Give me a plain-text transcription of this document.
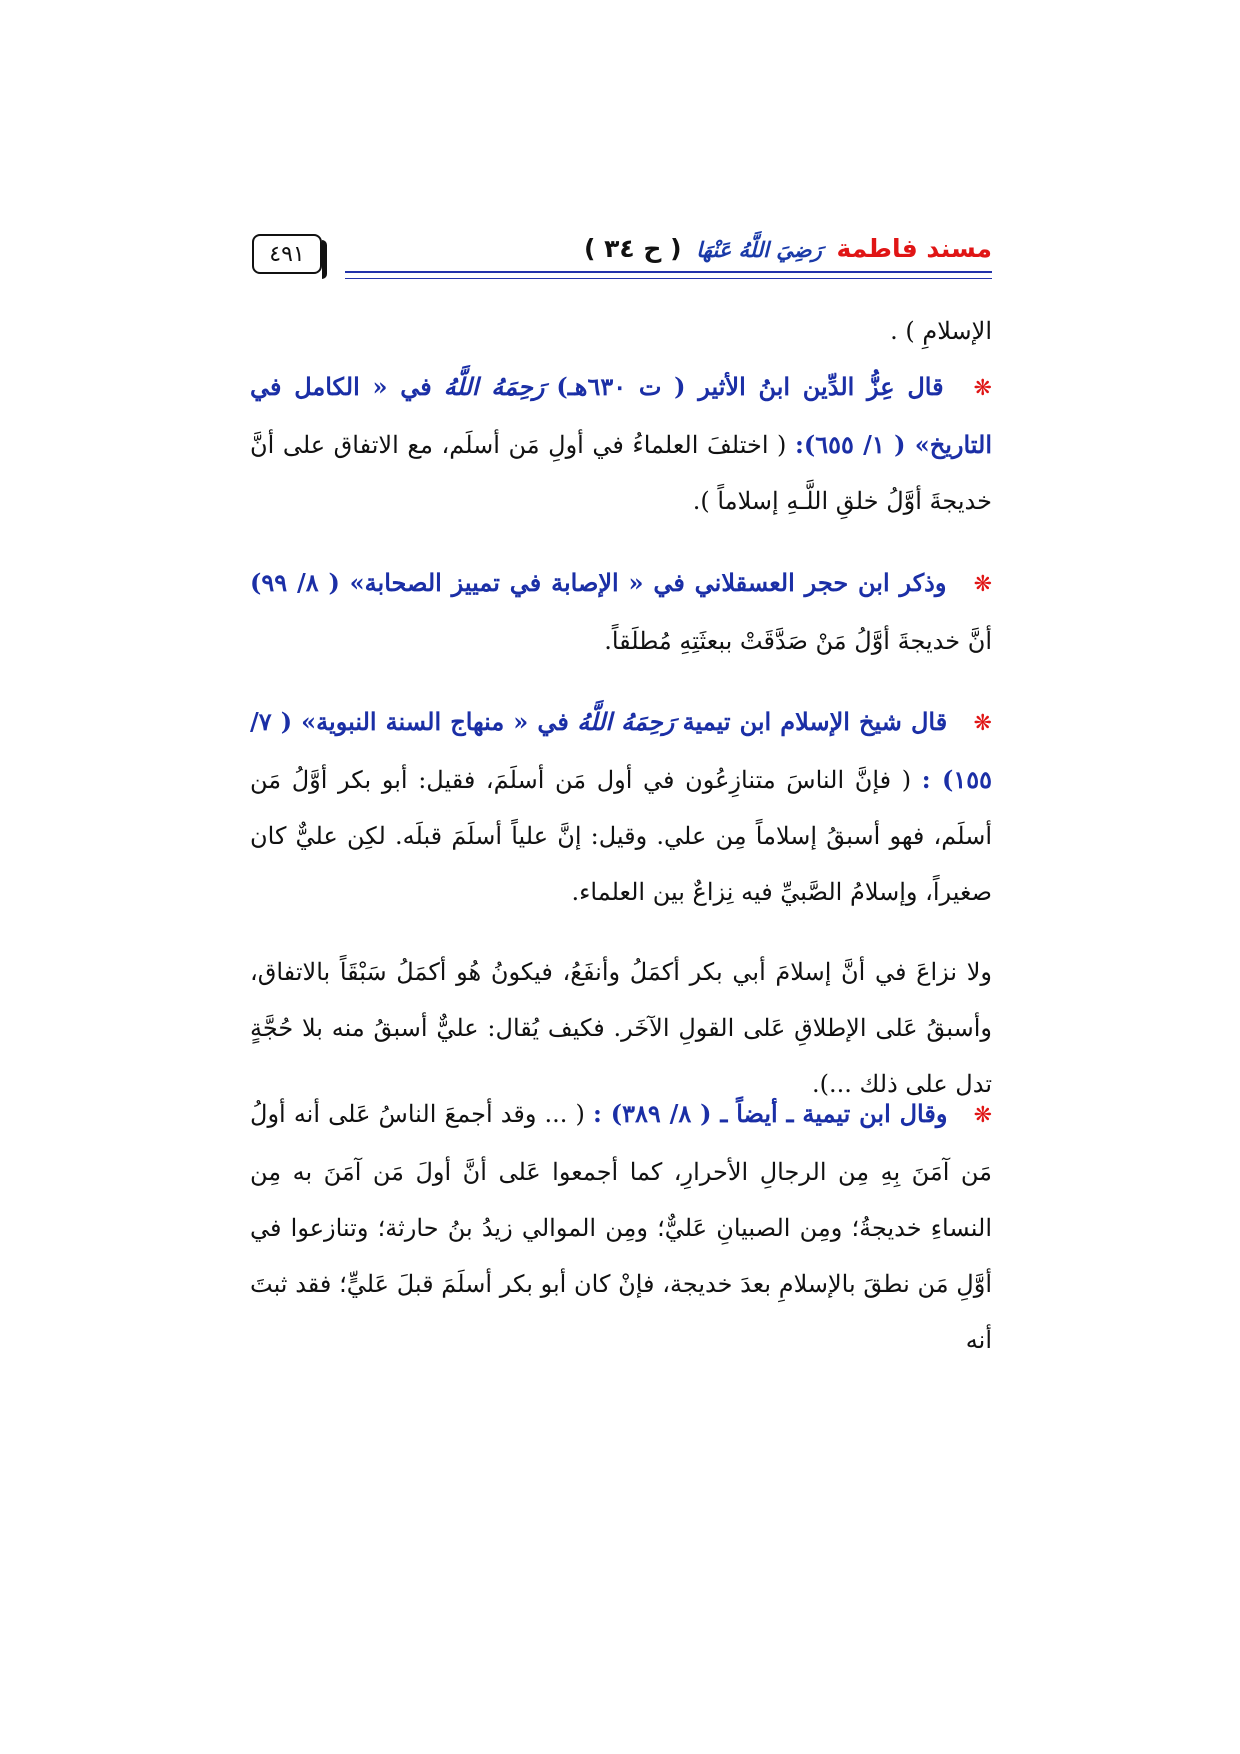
مسند فاطمة رَضِيَ اللَّهُ عَنْهَا ( ح ٣٤ )
٤٩١

الإسلامِ ) .

❋ قال عِزُّ الدِّين ابنُ الأثير ( ت ٦٣٠هـ) رَحِمَهُ اللَّهُ في « الكامل في التاريخ» ( ١/ ٦٥٥): ( اختلفَ العلماءُ في أولِ مَن أسلَم، مع الاتفاق على أنَّ خديجةَ أوَّلُ خلقِ اللَّـهِ إسلاماً ).

❋ وذكر ابن حجر العسقلاني في « الإصابة في تمييز الصحابة» ( ٨/ ٩٩) أنَّ خديجةَ أوَّلُ مَنْ صَدَّقَتْ ببعثَتِهِ مُطلَقاً.

❋ قال شيخ الإسلام ابن تيمية رَحِمَهُ اللَّهُ في « منهاج السنة النبوية» ( ٧/ ١٥٥) : ( فإنَّ الناسَ متنازِعُون في أول مَن أسلَمَ، فقيل: أبو بكر أوَّلُ مَن أسلَم، فهو أسبقُ إسلاماً مِن علي. وقيل: إنَّ علياً أسلَمَ قبلَه. لكِن عليٌّ كان صغيراً، وإسلامُ الصَّبيِّ فيه نِزاعٌ بين العلماء.

ولا نزاعَ في أنَّ إسلامَ أبي بكر أكمَلُ وأنفَعُ، فيكونُ هُو أكمَلُ سَبْقَاً بالاتفاق، وأسبقُ عَلى الإطلاقِ عَلى القولِ الآخَر. فكيف يُقال: عليٌّ أسبقُ منه بلا حُجَّةٍ تدل على ذلك ...).

❋ وقال ابن تيمية ـ أيضاً ـ ( ٨/ ٣٨٩) : ( ... وقد أجمعَ الناسُ عَلى أنه أولُ مَن آمَنَ بِهِ مِن الرجالِ الأحرارِ، كما أجمعوا عَلى أنَّ أولَ مَن آمَنَ به مِن النساءِ خديجةُ؛ ومِن الصبيانِ عَليٌّ؛ ومِن الموالي زيدُ بنُ حارثة؛ وتنازعوا في أوَّلِ مَن نطقَ بالإسلامِ بعدَ خديجة، فإنْ كان أبو بكر أسلَمَ قبلَ عَليٍّ؛ فقد ثبتَ أنه
